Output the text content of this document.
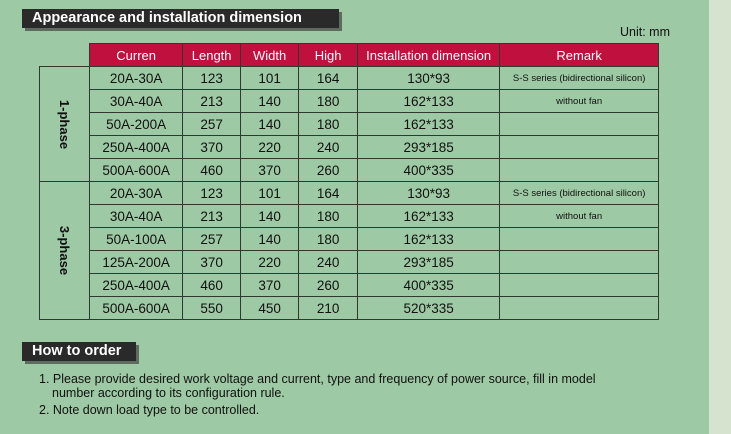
Appearance and installation dimension
Unit: mm
	Curren	Length	Width	High	Installation dimension	Remark
1-phase	20A-30A	123	101	164	130*93	S-S series (bidirectional silicon)
	30A-40A	213	140	180	162*133	without fan
	50A-200A	257	140	180	162*133	
	250A-400A	370	220	240	293*185	
	500A-600A	460	370	260	400*335	
3-phase	20A-30A	123	101	164	130*93	S-S series (bidirectional silicon)
	30A-40A	213	140	180	162*133	without fan
	50A-100A	257	140	180	162*133	
	125A-200A	370	220	240	293*185	
	250A-400A	460	370	260	400*335	
	500A-600A	550	450	210	520*335	
How to order

1. Please provide desired work voltage and current, type and frequency of power source, fill in model

number according to its configuration rule.

2. Note down load type to be controlled.
